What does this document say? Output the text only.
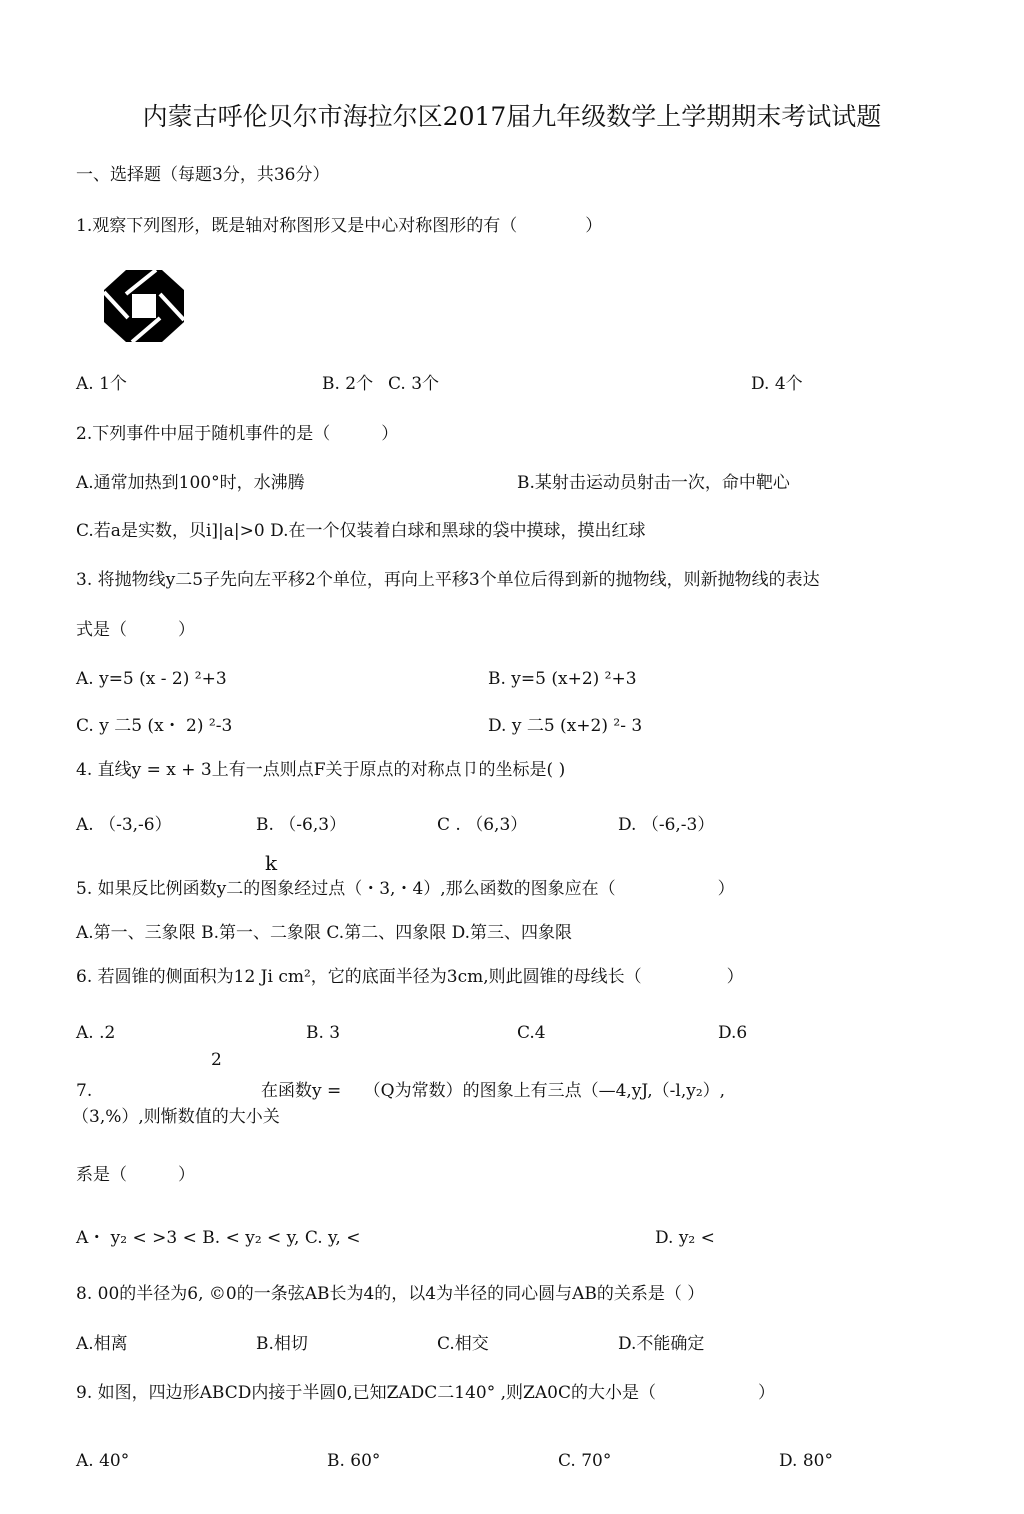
内蒙古呼伦贝尔市海拉尔区2017届九年级数学上学期期末考试试题
一、选择题（每题3分，共36分）
1.观察下列图形，既是轴对称图形又是中心对称图形的有（　　　　）
A. 1个	B. 2个 C. 3个	D. 4个
2.下列事件中屈于随机事件的是（　　　）
A.通常加热到100°时，水沸腾	B.某射击运动员射击一次，命中靶心
C.若a是实数，贝i]|a|>0 D.在一个仅装着白球和黑球的袋中摸球，摸出红球
3. 将抛物线y二5子先向左平移2个单位，再向上平移3个单位后得到新的抛物线，则新抛物线的表达
式是（　　　）
A. y=5 (x - 2) ²+3	B. y=5 (x+2) ²+3
C. y 二5 (x・ 2) ²-3	D. y 二5 (x+2) ²- 3
4. 直线y = x + 3上有一点则点F关于原点的对称点卩的坐标是( )
A. （-3,-6）	B. （-6,3）	C . （6,3）	D. （-6,-3）
k
5. 如果反比例函数y二的图象经过点（・3,・4）,那么函数的图象应在（　　　　　　）
A.第一、三象限 B.第一、二象限 C.第二、四象限 D.第三、四象限
6. 若圆锥的侧面积为12 Ji cm²，它的底面半径为3cm,则此圆锥的母线长（　　　　　）
A. .2	B. 3	C.4	D.6
2
7.	在函数y =　 （Q为常数）的图象上有三点（—4,yJ,（-l,y₂）,
（3,%）,则惭数值的大小关
系是（　　　）
A・ y₂ < >3 < B. < y₂ < y, C. y, <	D. y₂ <
8. 00的半径为6, ©0的一条弦AB长为4的，以4为半径的同心圆与AB的关系是（ ）
A.相离	B.相切	C.相交	D.不能确定
9. 如图，四边形ABCD内接于半圆0,已知ZADC二140° ,则ZA0C的大小是（　　　　　　）
A. 40°	B. 60°	C. 70°	D. 80°
